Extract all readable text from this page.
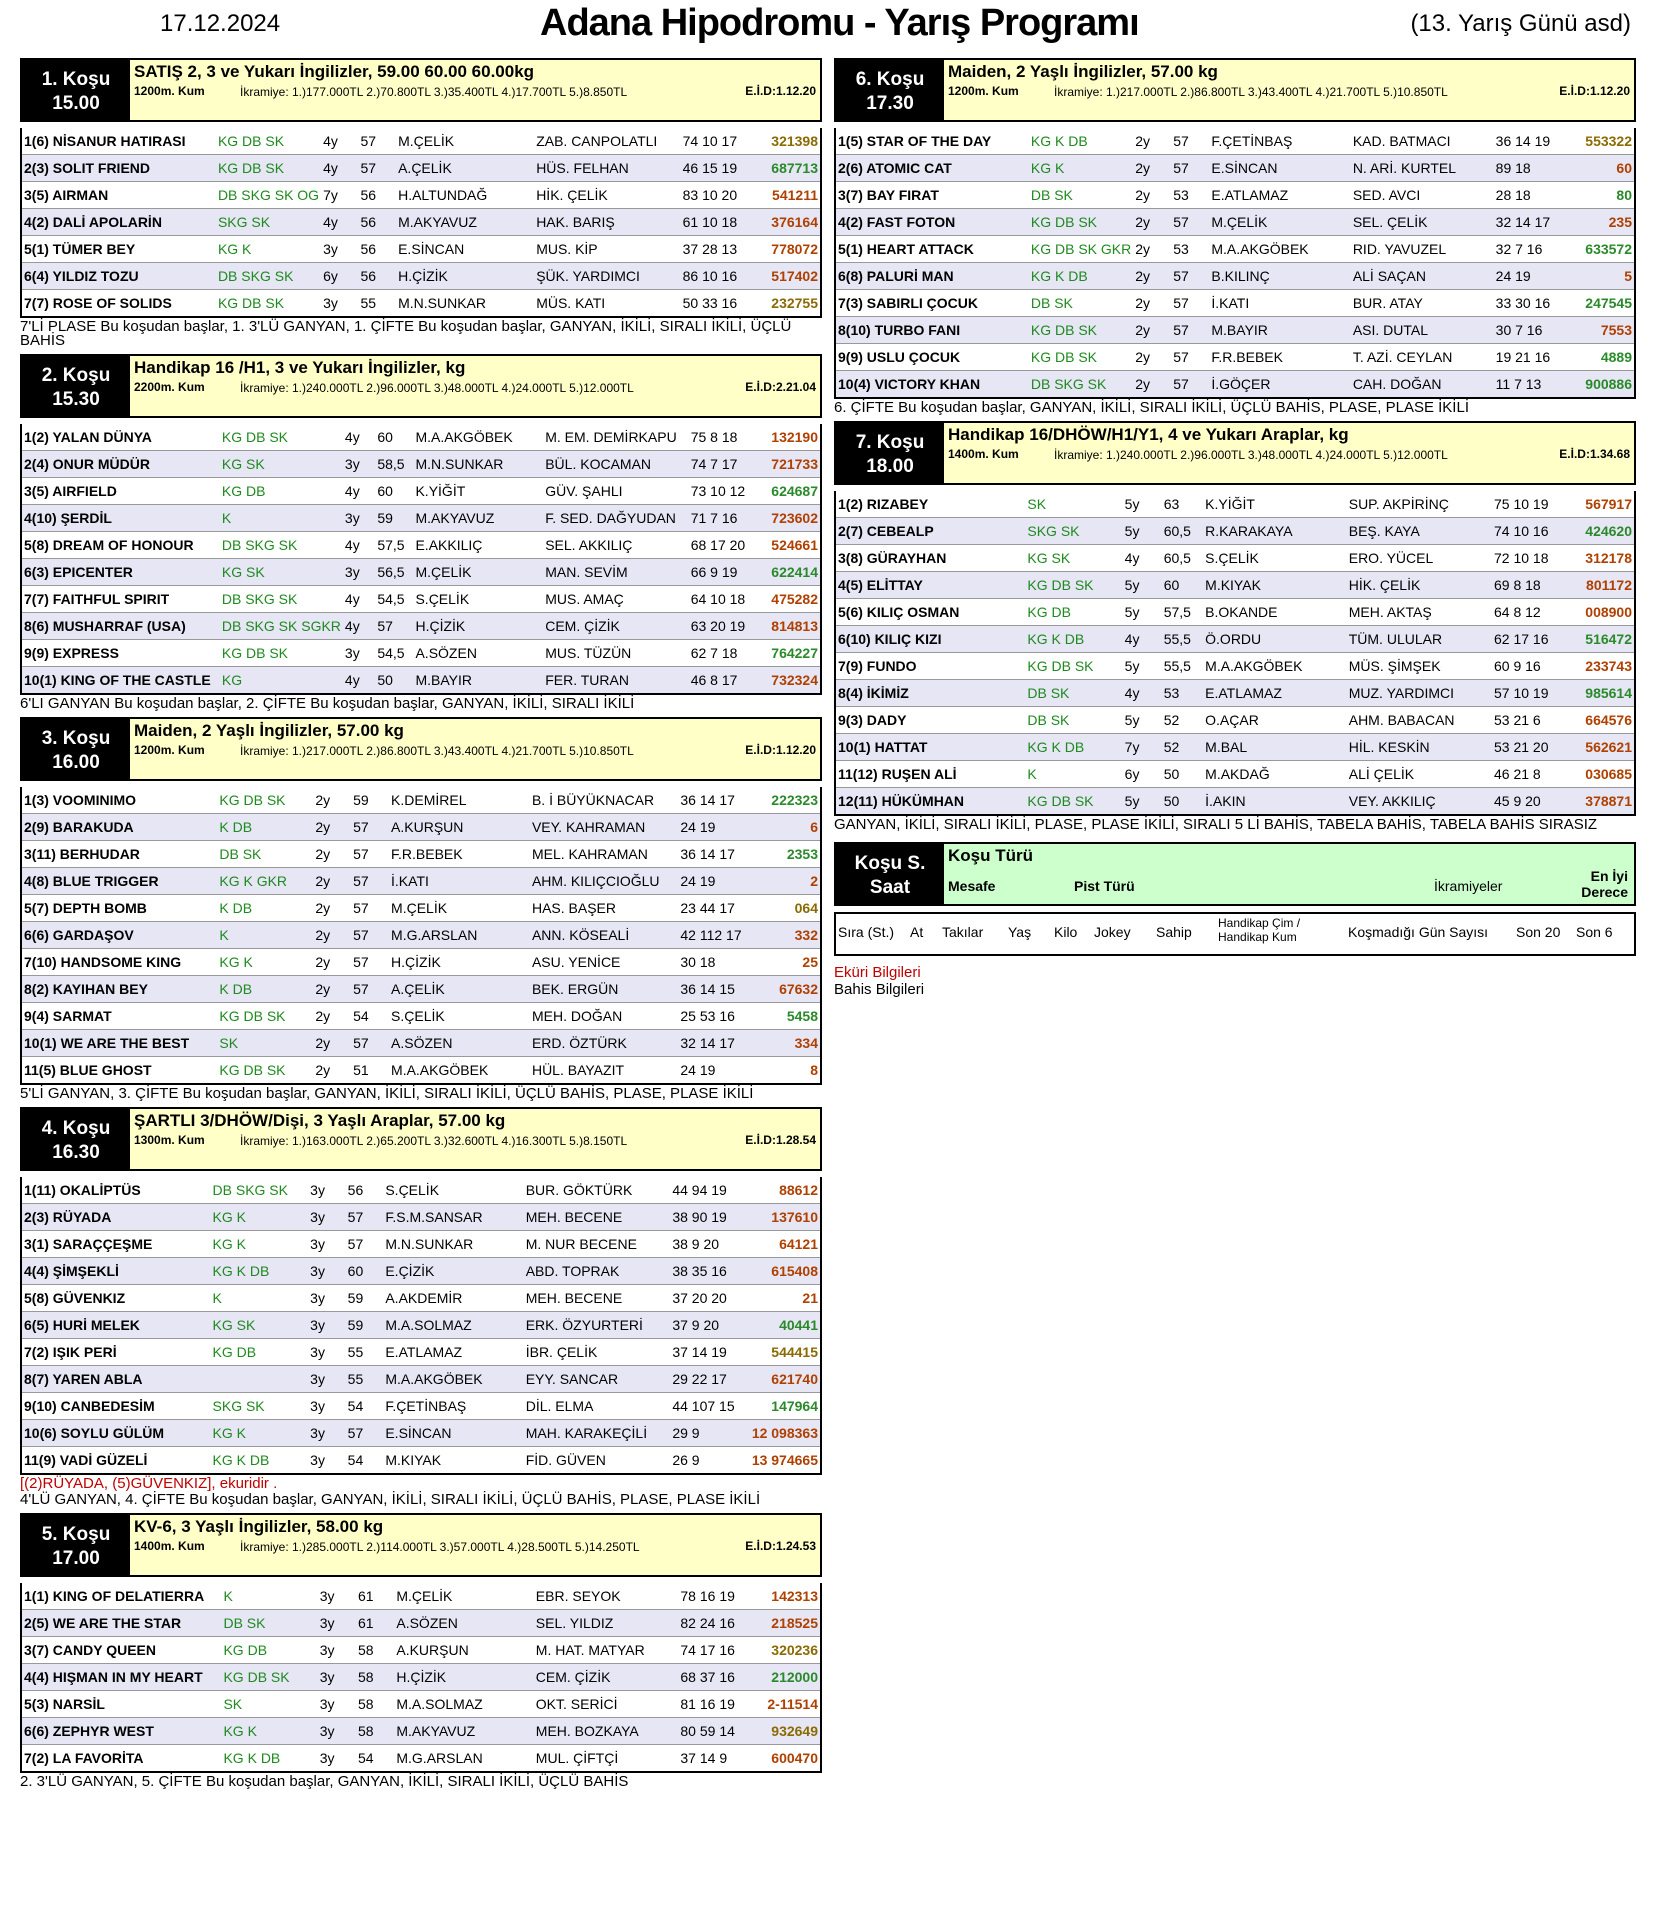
17.12.2024	Adana Hipodromu - Yarış Programı	(13. Yarış Günü asd)
1. Koşu
15.00
SATIŞ 2, 3 ve Yukarı İngilizler, 59.00 60.00 60.00kg
1200m. Kum	İkramiye: 1.)177.000TL 2.)70.800TL 3.)35.400TL 4.)17.700TL 5.)8.850TL	E.İ.D:1.12.20
1(6) NİSANUR HATIRASI	KG DB SK	4y	57	M.ÇELİK	ZAB. CANPOLATLI	74 10 17	321398
2(3) SOLIT FRIEND	KG DB SK	4y	57	A.ÇELİK	HÜS. FELHAN	46 15 19	687713
3(5) AIRMAN	DB SKG SK OG	7y	56	H.ALTUNDAĞ	HİK. ÇELİK	83 10 20	541211
4(2) DALİ APOLARİN	SKG SK	4y	56	M.AKYAVUZ	HAK. BARIŞ	61 10 18	376164
5(1) TÜMER BEY	KG K	3y	56	E.SİNCAN	MUS. KİP	37 28 13	778072
6(4) YILDIZ TOZU	DB SKG SK	6y	56	H.ÇİZİK	ŞÜK. YARDIMCI	86 10 16	517402
7(7) ROSE OF SOLIDS	KG DB SK	3y	55	M.N.SUNKAR	MÜS. KATI	50 33 16	232755
7'Lİ PLASE Bu koşudan başlar, 1. 3'LÜ GANYAN, 1. ÇİFTE Bu koşudan başlar, GANYAN, İKİLİ, SIRALI İKİLİ, ÜÇLÜ BAHİS
2. Koşu
15.30
Handikap 16 /H1, 3 ve Yukarı İngilizler, kg
2200m. Kum	İkramiye: 1.)240.000TL 2.)96.000TL 3.)48.000TL 4.)24.000TL 5.)12.000TL	E.İ.D:2.21.04
1(2) YALAN DÜNYA	KG DB SK	4y	60	M.A.AKGÖBEK	M. EM. DEMİRKAPU	75 8 18	132190
2(4) ONUR MÜDÜR	KG SK	3y	58,5	M.N.SUNKAR	BÜL. KOCAMAN	74 7 17	721733
3(5) AIRFIELD	KG DB	4y	60	K.YİĞİT	GÜV. ŞAHLI	73 10 12	624687
4(10) ŞERDİL	K	3y	59	M.AKYAVUZ	F. SED. DAĞYUDAN	71 7 16	723602
5(8) DREAM OF HONOUR	DB SKG SK	4y	57,5	E.AKKILIÇ	SEL. AKKILIÇ	68 17 20	524661
6(3) EPICENTER	KG SK	3y	56,5	M.ÇELİK	MAN. SEVİM	66 9 19	622414
7(7) FAITHFUL SPIRIT	DB SKG SK	4y	54,5	S.ÇELİK	MUS. AMAÇ	64 10 18	475282
8(6) MUSHARRAF (USA)	DB SKG SK SGKR	4y	57	H.ÇİZİK	CEM. ÇİZİK	63 20 19	814813
9(9) EXPRESS	KG DB SK	3y	54,5	A.SÖZEN	MUS. TÜZÜN	62 7 18	764227
10(1) KING OF THE CASTLE	KG	4y	50	M.BAYIR	FER. TURAN	46 8 17	732324
6'LI GANYAN Bu koşudan başlar, 2. ÇİFTE Bu koşudan başlar, GANYAN, İKİLİ, SIRALI İKİLİ
3. Koşu
16.00
Maiden, 2 Yaşlı İngilizler, 57.00 kg
1200m. Kum	İkramiye: 1.)217.000TL 2.)86.800TL 3.)43.400TL 4.)21.700TL 5.)10.850TL	E.İ.D:1.12.20
1(3) VOOMINIMO	KG DB SK	2y	59	K.DEMİREL	B. İ BÜYÜKNACAR	36 14 17	222323
2(9) BARAKUDA	K DB	2y	57	A.KURŞUN	VEY. KAHRAMAN	24 19	6
3(11) BERHUDAR	DB SK	2y	57	F.R.BEBEK	MEL. KAHRAMAN	36 14 17	2353
4(8) BLUE TRIGGER	KG K GKR	2y	57	İ.KATI	AHM. KILIÇCIOĞLU	24 19	2
5(7) DEPTH BOMB	K DB	2y	57	M.ÇELİK	HAS. BAŞER	23 44 17	064
6(6) GARDAŞOV	K	2y	57	M.G.ARSLAN	ANN. KÖSEALİ	42 112 17	332
7(10) HANDSOME KING	KG K	2y	57	H.ÇİZİK	ASU. YENİCE	30 18	25
8(2) KAYIHAN BEY	K DB	2y	57	A.ÇELİK	BEK. ERGÜN	36 14 15	67632
9(4) SARMAT	KG DB SK	2y	54	S.ÇELİK	MEH. DOĞAN	25 53 16	5458
10(1) WE ARE THE BEST	SK	2y	57	A.SÖZEN	ERD. ÖZTÜRK	32 14 17	334
11(5) BLUE GHOST	KG DB SK	2y	51	M.A.AKGÖBEK	HÜL. BAYAZIT	24 19	8
5'Lİ GANYAN, 3. ÇİFTE Bu koşudan başlar, GANYAN, İKİLİ, SIRALI İKİLİ, ÜÇLÜ BAHİS, PLASE, PLASE İKİLİ
4. Koşu
16.30
ŞARTLI 3/DHÖW/Dişi, 3 Yaşlı Araplar, 57.00 kg
1300m. Kum	İkramiye: 1.)163.000TL 2.)65.200TL 3.)32.600TL 4.)16.300TL 5.)8.150TL	E.İ.D:1.28.54
1(11) OKALİPTÜS	DB SKG SK	3y	56	S.ÇELİK	BUR. GÖKTÜRK	44 94 19	88612
2(3) RÜYADA	KG K	3y	57	F.S.M.SANSAR	MEH. BECENE	38 90 19	137610
3(1) SARAÇÇEŞME	KG K	3y	57	M.N.SUNKAR	M. NUR BECENE	38 9 20	64121
4(4) ŞİMŞEKLİ	KG K DB	3y	60	E.ÇİZİK	ABD. TOPRAK	38 35 16	615408
5(8) GÜVENKIZ	K	3y	59	A.AKDEMİR	MEH. BECENE	37 20 20	21
6(5) HURİ MELEK	KG SK	3y	59	M.A.SOLMAZ	ERK. ÖZYURTERİ	37 9 20	40441
7(2) IŞIK PERİ	KG DB	3y	55	E.ATLAMAZ	İBR. ÇELİK	37 14 19	544415
8(7) YAREN ABLA		3y	55	M.A.AKGÖBEK	EYY. SANCAR	29 22 17	621740
9(10) CANBEDESİM	SKG SK	3y	54	F.ÇETİNBAŞ	DİL. ELMA	44 107 15	147964
10(6) SOYLU GÜLÜM	KG K	3y	57	E.SİNCAN	MAH. KARAKEÇİLİ	29 9	12 098363
11(9) VADİ GÜZELİ	KG K DB	3y	54	M.KIYAK	FİD. GÜVEN	26 9	13 974665
[(2)RÜYADA, (5)GÜVENKIZ], ekuridir .
4'LÜ GANYAN, 4. ÇİFTE Bu koşudan başlar, GANYAN, İKİLİ, SIRALI İKİLİ, ÜÇLÜ BAHİS, PLASE, PLASE İKİLİ
5. Koşu
17.00
KV-6, 3 Yaşlı İngilizler, 58.00 kg
1400m. Kum	İkramiye: 1.)285.000TL 2.)114.000TL 3.)57.000TL 4.)28.500TL 5.)14.250TL	E.İ.D:1.24.53
1(1) KING OF DELATIERRA	K	3y	61	M.ÇELİK	EBR. SEYOK	78 16 19	142313
2(5) WE ARE THE STAR	DB SK	3y	61	A.SÖZEN	SEL. YILDIZ	82 24 16	218525
3(7) CANDY QUEEN	KG DB	3y	58	A.KURŞUN	M. HAT. MATYAR	74 17 16	320236
4(4) HIŞMAN IN MY HEART	KG DB SK	3y	58	H.ÇİZİK	CEM. ÇİZİK	68 37 16	212000
5(3) NARSİL	SK	3y	58	M.A.SOLMAZ	OKT. SERİCİ	81 16 19	2-11514
6(6) ZEPHYR WEST	KG K	3y	58	M.AKYAVUZ	MEH. BOZKAYA	80 59 14	932649
7(2) LA FAVORİTA	KG K DB	3y	54	M.G.ARSLAN	MUL. ÇİFTÇİ	37 14 9	600470
2. 3'LÜ GANYAN, 5. ÇİFTE Bu koşudan başlar, GANYAN, İKİLİ, SIRALI İKİLİ, ÜÇLÜ BAHİS
6. Koşu
17.30
Maiden, 2 Yaşlı İngilizler, 57.00 kg
1200m. Kum	İkramiye: 1.)217.000TL 2.)86.800TL 3.)43.400TL 4.)21.700TL 5.)10.850TL	E.İ.D:1.12.20
1(5) STAR OF THE DAY	KG K DB	2y	57	F.ÇETİNBAŞ	KAD. BATMACI	36 14 19	553322
2(6) ATOMIC CAT	KG K	2y	57	E.SİNCAN	N. ARİ. KURTEL	89 18	60
3(7) BAY FIRAT	DB SK	2y	53	E.ATLAMAZ	SED. AVCI	28 18	80
4(2) FAST FOTON	KG DB SK	2y	57	M.ÇELİK	SEL. ÇELİK	32 14 17	235
5(1) HEART ATTACK	KG DB SK GKR	2y	53	M.A.AKGÖBEK	RID. YAVUZEL	32 7 16	633572
6(8) PALURİ MAN	KG K DB	2y	57	B.KILINÇ	ALİ SAÇAN	24 19	5
7(3) SABIRLI ÇOCUK	DB SK	2y	57	İ.KATI	BUR. ATAY	33 30 16	247545
8(10) TURBO FANI	KG DB SK	2y	57	M.BAYIR	ASI. DUTAL	30 7 16	7553
9(9) USLU ÇOCUK	KG DB SK	2y	57	F.R.BEBEK	T. AZİ. CEYLAN	19 21 16	4889
10(4) VICTORY KHAN	DB SKG SK	2y	57	İ.GÖÇER	CAH. DOĞAN	11 7 13	900886
6. ÇİFTE Bu koşudan başlar, GANYAN, İKİLİ, SIRALI İKİLİ, ÜÇLÜ BAHİS, PLASE, PLASE İKİLİ
7. Koşu
18.00
Handikap 16/DHÖW/H1/Y1, 4 ve Yukarı Araplar, kg
1400m. Kum	İkramiye: 1.)240.000TL 2.)96.000TL 3.)48.000TL 4.)24.000TL 5.)12.000TL	E.İ.D:1.34.68
1(2) RIZABEY	SK	5y	63	K.YİĞİT	SUP. AKPİRİNÇ	75 10 19	567917
2(7) CEBEALP	SKG SK	5y	60,5	R.KARAKAYA	BEŞ. KAYA	74 10 16	424620
3(8) GÜRAYHAN	KG SK	4y	60,5	S.ÇELİK	ERO. YÜCEL	72 10 18	312178
4(5) ELİTTAY	KG DB SK	5y	60	M.KIYAK	HİK. ÇELİK	69 8 18	801172
5(6) KILIÇ OSMAN	KG DB	5y	57,5	B.OKANDE	MEH. AKTAŞ	64 8 12	008900
6(10) KILIÇ KIZI	KG K DB	4y	55,5	Ö.ORDU	TÜM. ULULAR	62 17 16	516472
7(9) FUNDO	KG DB SK	5y	55,5	M.A.AKGÖBEK	MÜS. ŞİMŞEK	60 9 16	233743
8(4) İKİMİZ	DB SK	4y	53	E.ATLAMAZ	MUZ. YARDIMCI	57 10 19	985614
9(3) DADY	DB SK	5y	52	O.AÇAR	AHM. BABACAN	53 21 6	664576
10(1) HATTAT	KG K DB	7y	52	M.BAL	HİL. KESKİN	53 21 20	562621
11(12) RUŞEN ALİ	K	6y	50	M.AKDAĞ	ALİ ÇELİK	46 21 8	030685
12(11) HÜKÜMHAN	KG DB SK	5y	50	İ.AKIN	VEY. AKKILIÇ	45 9 20	378871
GANYAN, İKİLİ, SIRALI İKİLİ, PLASE, PLASE İKİLİ, SIRALI 5 Lİ BAHİS, TABELA BAHİS, TABELA BAHİS SIRASIZ
Koşu S.
Saat
Koşu Türü
Mesafe	Pist Türü	İkramiyeler
En İyi Derece
Sıra (St.) At Takılar Yaş Kilo Jokey Sahip
Handikap Çim / Handikap Kum	Koşmadığı Gün Sayısı Son 20 Son 6
Eküri Bilgileri
Bahis Bilgileri
